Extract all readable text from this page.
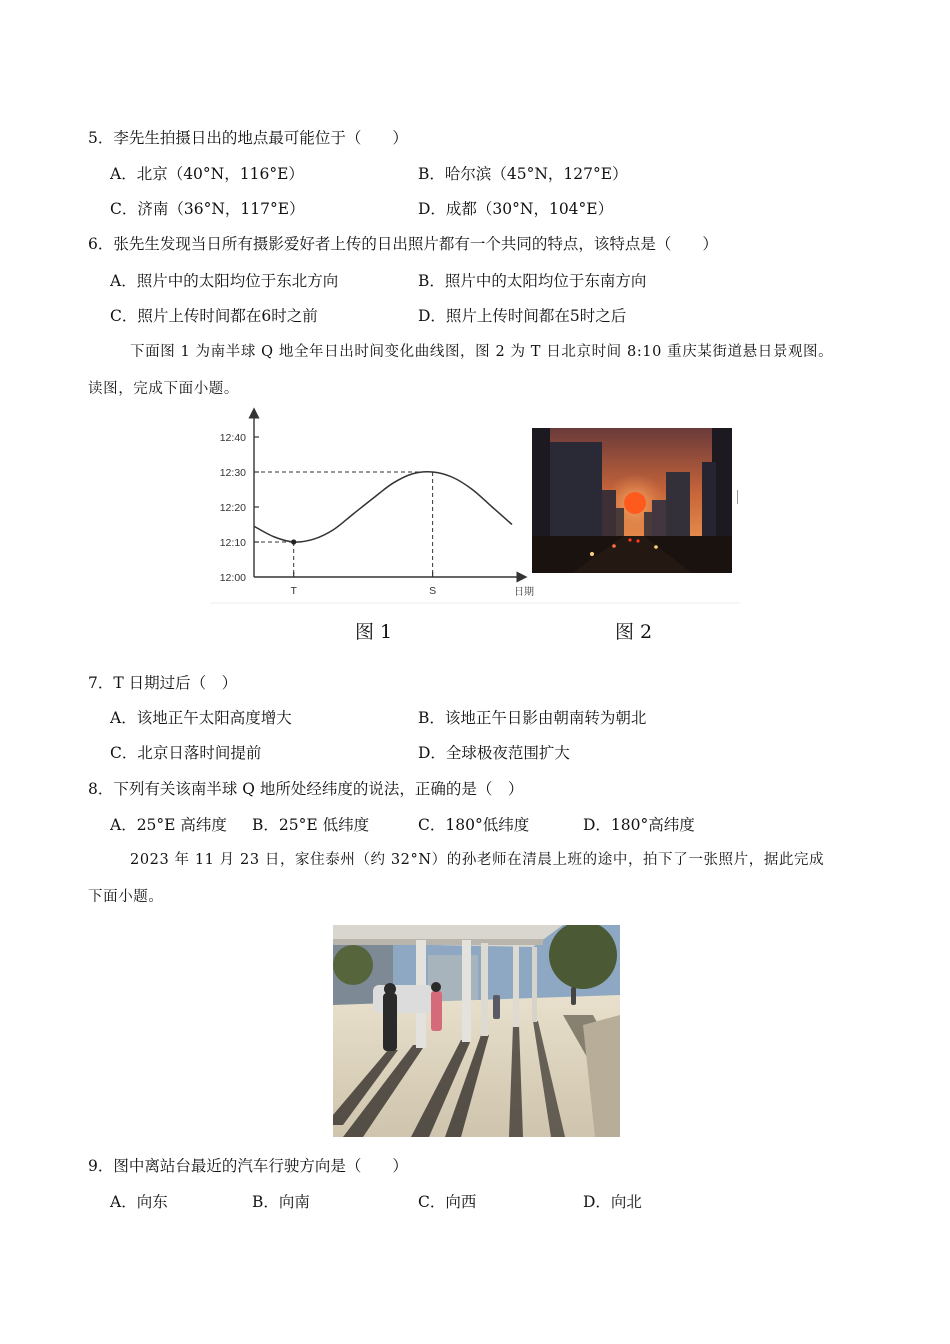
5．李先生拍摄日出的地点最可能位于（　　）
A．北京（40°N，116°E）	B．哈尔滨（45°N，127°E）
C．济南（36°N，117°E）	D．成都（30°N，104°E）
6．张先生发现当日所有摄影爱好者上传的日出照片都有一个共同的特点，该特点是（　　）
A．照片中的太阳均位于东北方向	B．照片中的太阳均位于东南方向
C．照片上传时间都在6时之前	D．照片上传时间都在5时之后
下面图 1 为南半球 Q 地全年日出时间变化曲线图，图 2 为 T 日北京时间 8:10 重庆某街道悬日景观图。
读图，完成下面小题。
12:00
12:10
12:20
12:30
12:40
日期
T	S
图 1	图 2
7．T 日期过后（　）
A．该地正午太阳高度增大	B．该地正午日影由朝南转为朝北
C．北京日落时间提前	D．全球极夜范围扩大
8．下列有关该南半球 Q 地所处经纬度的说法，正确的是（　）
A．25°E 高纬度 B．25°E 低纬度	C．180°低纬度	D．180°高纬度
2023 年 11 月 23 日，家住泰州（约 32°N）的孙老师在清晨上班的途中，拍下了一张照片，据此完成
下面小题。
9．图中离站台最近的汽车行驶方向是（　　）
A．向东	B．向南	C．向西	D．向北
